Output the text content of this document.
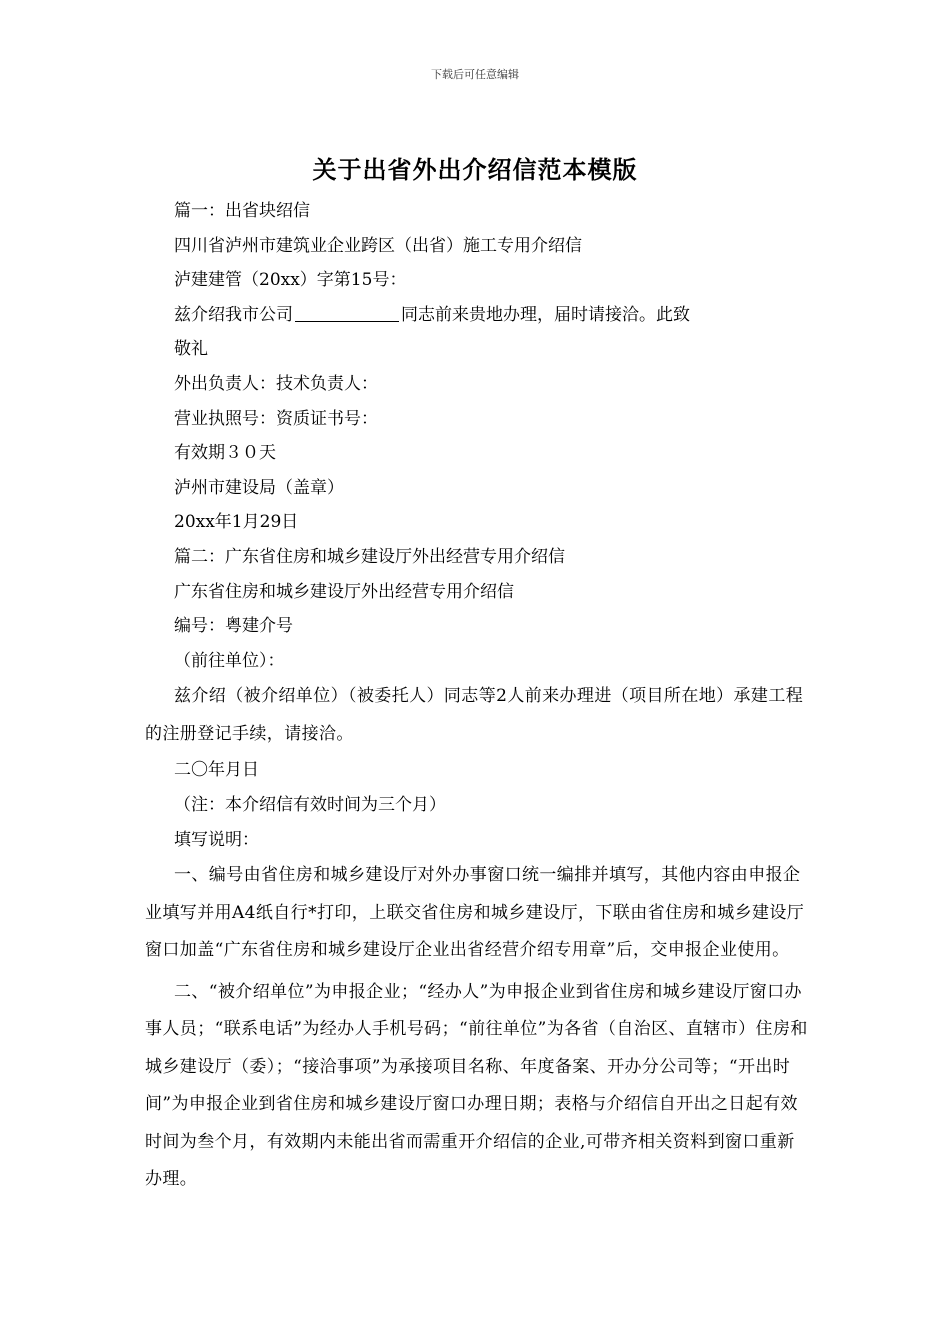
下载后可任意编辑
关于出省外出介绍信范本模版
篇一：出省块绍信
四川省泸州市建筑业企业跨区（出省）施工专用介绍信
泸建建管（20xx）字第15号：
兹介绍我市公司	同志前来贵地办理，届时请接洽。此致
敬礼
外出负责人：技术负责人：
营业执照号：资质证书号：
有效期３０天
泸州市建设局（盖章）
20xx年1月29日
篇二：广东省住房和城乡建设厅外出经营专用介绍信
广东省住房和城乡建设厅外出经营专用介绍信
编号：粤建介号
（前往单位）：

兹介绍（被介绍单位）（被委托人）同志等2人前来办理进（项目所在地）承建工程的注册登记手续，请接洽。

二〇年月日
（注：本介绍信有效时间为三个月）
填写说明：

一、编号由省住房和城乡建设厅对外办事窗口统一编排并填写，其他内容由申报企业填写并用A4纸自行*打印，上联交省住房和城乡建设厅，下联由省住房和城乡建设厅窗口加盖“广东省住房和城乡建设厅企业出省经营介绍专用章”后，交申报企业使用。

二、“被介绍单位”为申报企业；“经办人”为申报企业到省住房和城乡建设厅窗口办事人员；“联系电话”为经办人手机号码；“前往单位”为各省（自治区、直辖市）住房和城乡建设厅（委）；“接洽事项”为承接项目名称、年度备案、开办分公司等；“开出时间”为申报企业到省住房和城乡建设厅窗口办理日期；表格与介绍信自开出之日起有效时间为叁个月，有效期内未能出省而需重开介绍信的企业,可带齐相关资料到窗口重新办理。
